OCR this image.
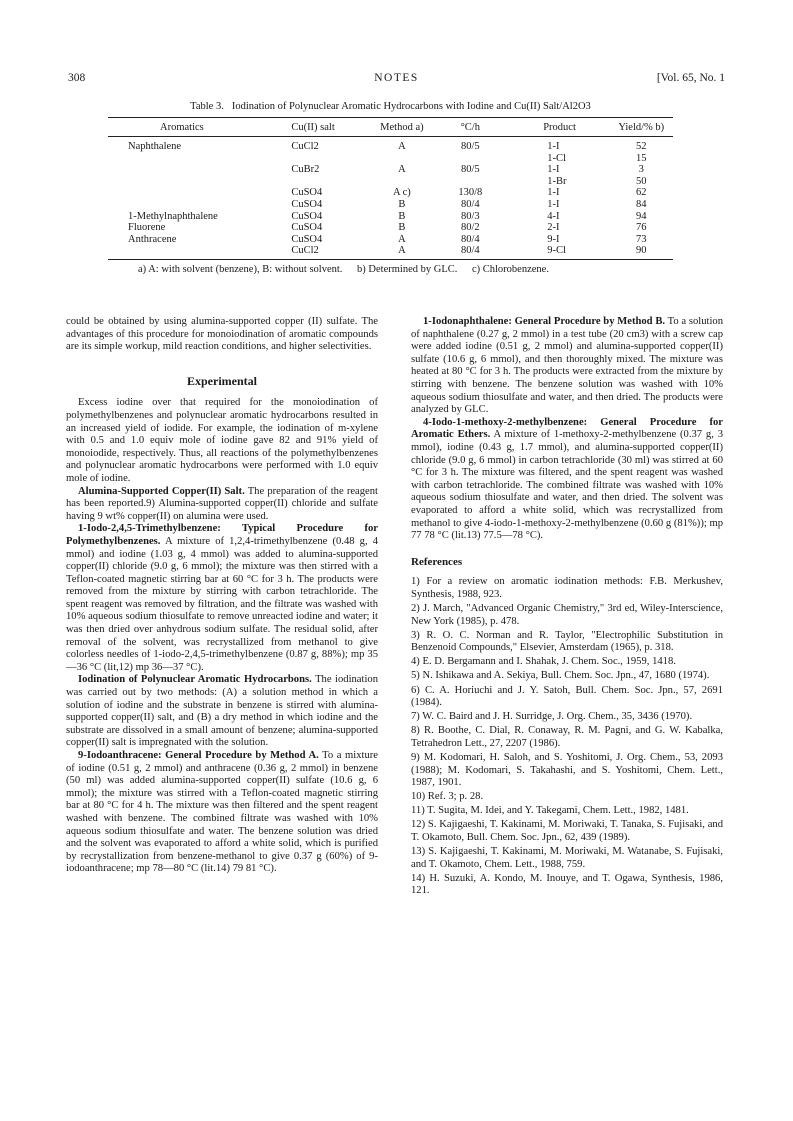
308	NOTES	[Vol. 65, No. 1
Table 3. Iodination of Polynuclear Aromatic Hydrocarbons with Iodine and Cu(II) Salt/Al2O3
Aromatics	Cu(II) salt	Method a)	°C/h	Product	Yield/% b)
Naphthalene	CuCl2	A	80/5	1-I	52
				1-Cl	15
	CuBr2	A	80/5	1-I	3
				1-Br	50
	CuSO4	A c)	130/8	1-I	62
	CuSO4	B	80/4	1-I	84
1-Methylnaphthalene	CuSO4	B	80/3	4-I	94
Fluorene	CuSO4	B	80/2	2-I	76
Anthracene	CuSO4	A	80/4	9-I	73
	CuCl2	A	80/4	9-Cl	90
a) A: with solvent (benzene), B: without solvent. b) Determined by GLC. c) Chlorobenzene.

could be obtained by using alumina-supported copper (II) sulfate. The advantages of this procedure for monoiodination of aromatic compounds are its simple workup, mild reaction conditions, and higher selectivities.

Experimental

Excess iodine over that required for the monoiodination of polymethylbenzenes and polynuclear aromatic hydrocarbons resulted in an increased yield of iodide. For example, the iodination of m-xylene with 0.5 and 1.0 equiv mole of iodine gave 82 and 91% yield of monoiodide, respectively. Thus, all reactions of the polymethylbenzenes and polynuclear aromatic hydrocarbons were performed with 1.0 equiv mole of iodine.

Alumina-Supported Copper(II) Salt. The preparation of the reagent has been reported.9) Alumina-supported copper(II) chloride and sulfate having 9 wt% copper(II) on alumina were used.

1-Iodo-2,4,5-Trimethylbenzene: Typical Procedure for Polymethylbenzenes. A mixture of 1,2,4-trimethylbenzene (0.48 g, 4 mmol) and iodine (1.03 g, 4 mmol) was added to alumina-supported copper(II) chloride (9.0 g, 6 mmol); the mixture was then stirred with a Teflon-coated magnetic stirring bar at 60 °C for 3 h. The products were removed from the mixture by stirring with carbon tetrachloride. The spent reagent was removed by filtration, and the filtrate was washed with 10% aqueous sodium thiosulfate to remove unreacted iodine and water; it was then dried over anhydrous sodium sulfate. The residual solid, after removal of the solvent, was recrystallized from methanol to give colorless needles of 1-iodo-2,4,5-trimethylbenzene (0.87 g, 88%); mp 35—36 °C (lit,12) mp 36—37 °C).

Iodination of Polynuclear Aromatic Hydrocarbons. The iodination was carried out by two methods: (A) a solution method in which a solution of iodine and the substrate in benzene is stirred with alumina-supported copper(II) salt, and (B) a dry method in which iodine and the substrate are dissolved in a small amount of benzene; alumina-supported copper(II) salt is impregnated with the solution.

9-Iodoanthracene: General Procedure by Method A. To a mixture of iodine (0.51 g, 2 mmol) and anthracene (0.36 g, 2 mmol) in benzene (50 ml) was added alumina-supported copper(II) sulfate (10.6 g, 6 mmol); the mixture was stirred with a Teflon-coated magnetic stirring bar at 80 °C for 4 h. The mixture was then filtered and the spent reagent washed with benzene. The combined filtrate was washed with 10% aqueous sodium thiosulfate and water. The benzene solution was dried and the solvent was evaporated to afford a white solid, which is purified by recrystallization from benzene-methanol to give 0.37 g (60%) of 9-iodoanthracene; mp 78—80 °C (lit.14) 79 81 °C).

1-Iodonaphthalene: General Procedure by Method B. To a solution of naphthalene (0.27 g, 2 mmol) in a test tube (20 cm3) with a screw cap were added iodine (0.51 g, 2 mmol) and alumina-supported copper(II) sulfate (10.6 g, 6 mmol), and then thoroughly mixed. The mixture was heated at 80 °C for 3 h. The products were extracted from the mixture by stirring with benzene. The benzene solution was washed with 10% aqueous sodium thiosulfate and water, and then dried. The products were analyzed by GLC.

4-Iodo-1-methoxy-2-methylbenzene: General Procedure for Aromatic Ethers. A mixture of 1-methoxy-2-methylbenzene (0.37 g, 3 mmol), iodine (0.43 g, 1.7 mmol), and alumina-supported copper(II) chloride (9.0 g, 6 mmol) in carbon tetrachloride (30 ml) was stirred at 60 °C for 3 h. The mixture was filtered, and the spent reagent was washed with carbon tetrachloride. The combined filtrate was washed with 10% aqueous sodium thiosulfate and water, and then dried. The solvent was evaporated to afford a white solid, which was recrystallized from methanol to give 4-iodo-1-methoxy-2-methylbenzene (0.60 g (81%)); mp 77 78 °C (lit.13) 77.5—78 °C).

References

1) For a review on aromatic iodination methods: F.B. Merkushev, Synthesis, 1988, 923.

2) J. March, "Advanced Organic Chemistry," 3rd ed, Wiley-Interscience, New York (1985), p. 478.

3) R. O. C. Norman and R. Taylor, "Electrophilic Substitution in Benzenoid Compounds," Elsevier, Amsterdam (1965), p. 318.

4) E. D. Bergamann and I. Shahak, J. Chem. Soc., 1959, 1418.

5) N. Ishikawa and A. Sekiya, Bull. Chem. Soc. Jpn., 47, 1680 (1974).

6) C. A. Horiuchi and J. Y. Satoh, Bull. Chem. Soc. Jpn., 57, 2691 (1984).

7) W. C. Baird and J. H. Surridge, J. Org. Chem., 35, 3436 (1970).

8) R. Boothe, C. Dial, R. Conaway, R. M. Pagni, and G. W. Kabalka, Tetrahedron Lett., 27, 2207 (1986).

9) M. Kodomari, H. Saloh, and S. Yoshitomi, J. Org. Chem., 53, 2093 (1988); M. Kodomari, S. Takahashi, and S. Yoshitomi, Chem. Lett., 1987, 1901.

10) Ref. 3; p. 28.

11) T. Sugita, M. Idei, and Y. Takegami, Chem. Lett., 1982, 1481.

12) S. Kajigaeshi, T. Kakinami, M. Moriwaki, T. Tanaka, S. Fujisaki, and T. Okamoto, Bull. Chem. Soc. Jpn., 62, 439 (1989).

13) S. Kajigaeshi, T. Kakinami, M. Moriwaki, M. Watanabe, S. Fujisaki, and T. Okamoto, Chem. Lett., 1988, 759.

14) H. Suzuki, A. Kondo, M. Inouye, and T. Ogawa, Synthesis, 1986, 121.
